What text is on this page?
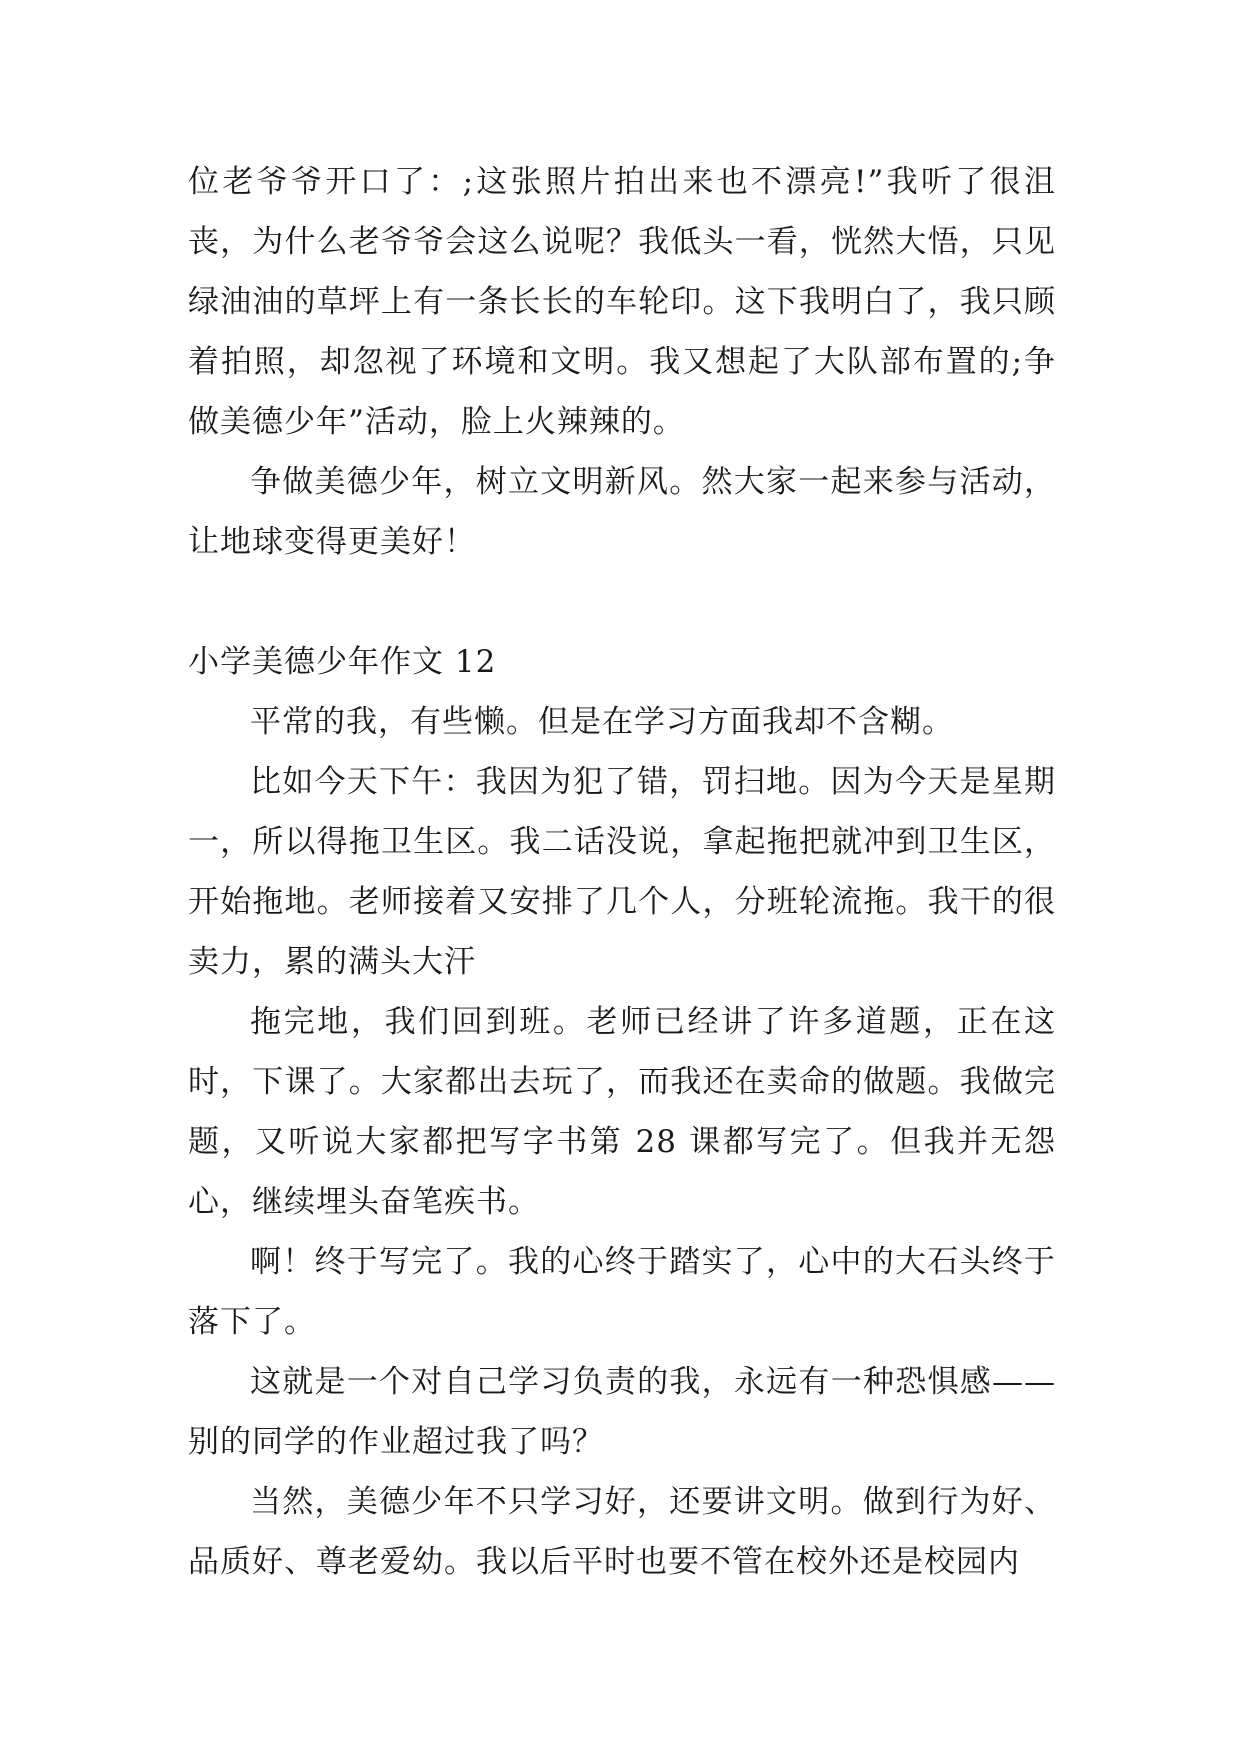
位老爷爷开口了：;这张照片拍出来也不漂亮!”我听了很沮丧，为什么老爷爷会这么说呢？我低头一看，恍然大悟，只见绿油油的草坪上有一条长长的车轮印。这下我明白了，我只顾着拍照，却忽视了环境和文明。我又想起了大队部布置的;争做美德少年”活动，脸上火辣辣的。

争做美德少年，树立文明新风。然大家一起来参与活动，让地球变得更美好！

小学美德少年作文 12

平常的我，有些懒。但是在学习方面我却不含糊。

比如今天下午：我因为犯了错，罚扫地。因为今天是星期一，所以得拖卫生区。我二话没说，拿起拖把就冲到卫生区，开始拖地。老师接着又安排了几个人，分班轮流拖。我干的很卖力，累的满头大汗

拖完地，我们回到班。老师已经讲了许多道题，正在这时，下课了。大家都出去玩了，而我还在卖命的做题。我做完题，又听说大家都把写字书第 28 课都写完了。但我并无怨心，继续埋头奋笔疾书。

啊！终于写完了。我的心终于踏实了，心中的大石头终于落下了。

这就是一个对自己学习负责的我，永远有一种恐惧感——别的同学的作业超过我了吗？

当然，美德少年不只学习好，还要讲文明。做到行为好、品质好、尊老爱幼。我以后平时也要不管在校外还是校园内
